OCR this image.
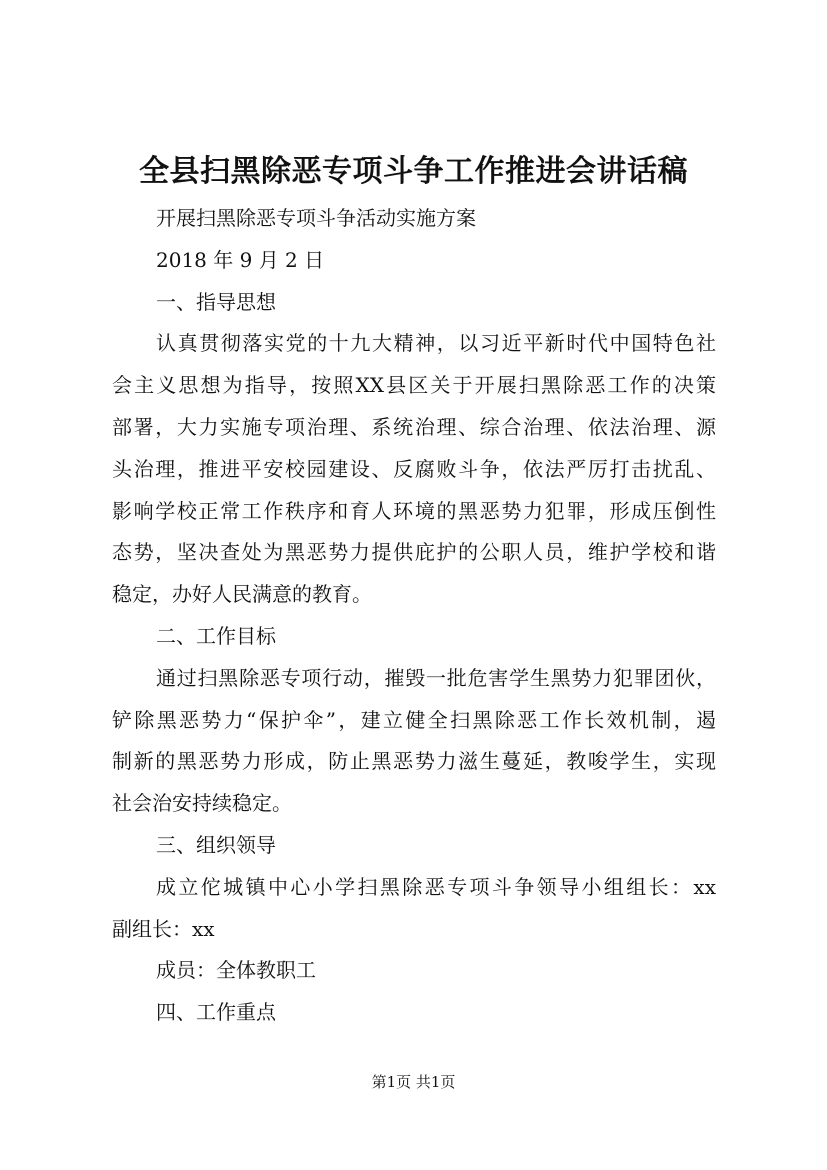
全县扫黑除恶专项斗争工作推进会讲话稿
开展扫黑除恶专项斗争活动实施方案
2018 年 9 月 2 日
一、指导思想
认真贯彻落实党的十九大精神，以习近平新时代中国特色社
会主义思想为指导，按照XX县区关于开展扫黑除恶工作的决策
部署，大力实施专项治理、系统治理、综合治理、依法治理、源
头治理，推进平安校园建设、反腐败斗争，依法严厉打击扰乱、
影响学校正常工作秩序和育人环境的黑恶势力犯罪，形成压倒性
态势，坚决查处为黑恶势力提供庇护的公职人员，维护学校和谐
稳定，办好人民满意的教育。
二、工作目标
通过扫黑除恶专项行动，摧毁一批危害学生黑势力犯罪团伙，
铲除黑恶势力“保护伞”，建立健全扫黑除恶工作长效机制，遏
制新的黑恶势力形成，防止黑恶势力滋生蔓延，教唆学生，实现
社会治安持续稳定。
三、组织领导
成立佗城镇中心小学扫黑除恶专项斗争领导小组组长：xx
副组长：xx
成员：全体教职工
四、工作重点
第1页 共1页
